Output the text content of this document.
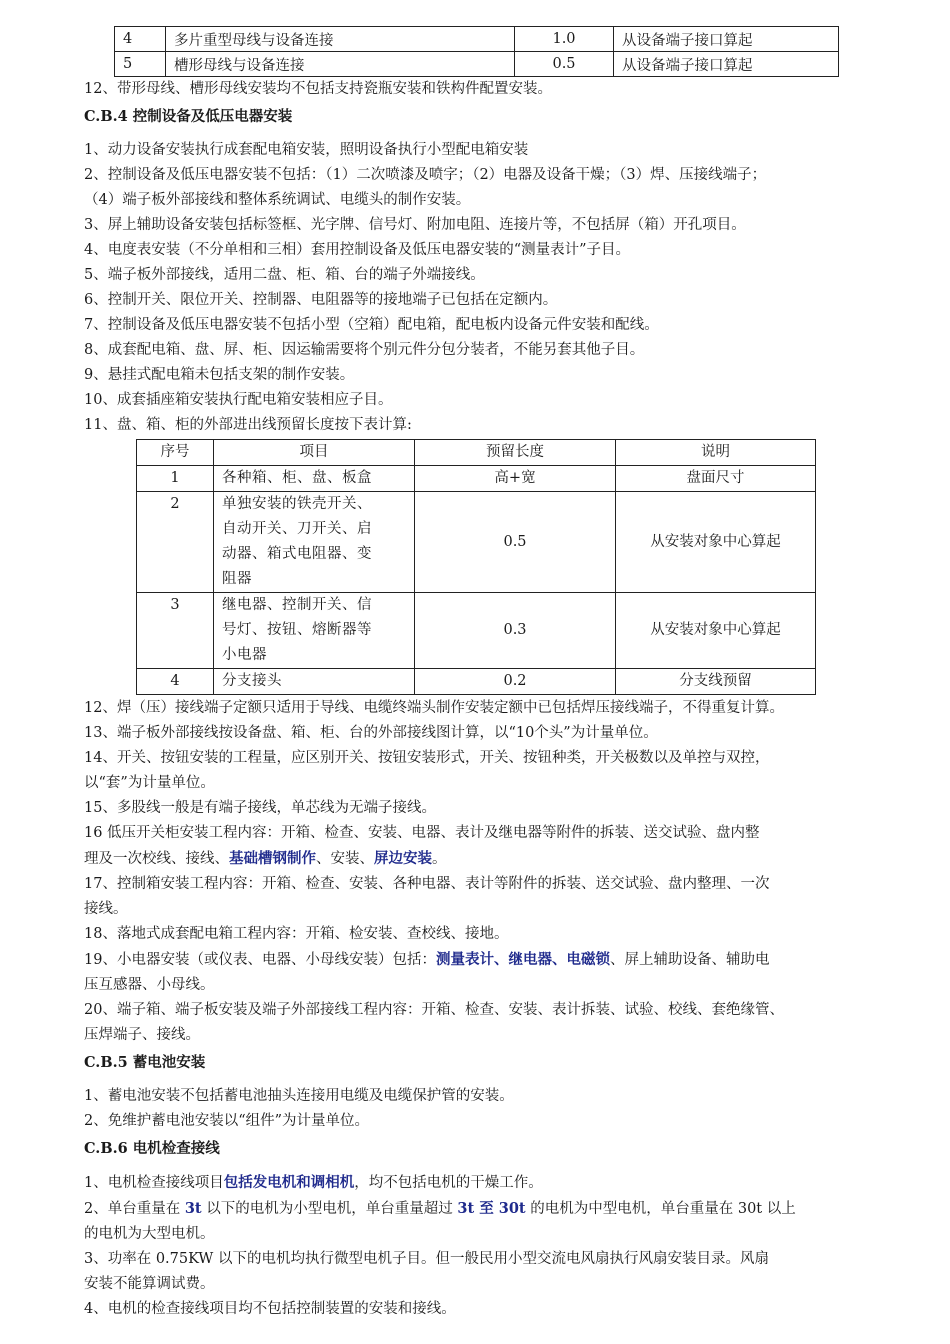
4	多片重型母线与设备连接	1.0	从设备端子接口算起
5	槽形母线与设备连接	0.5	从设备端子接口算起

12、带形母线、槽形母线安装均不包括支持瓷瓶安装和铁构件配置安装。

C.B.4 控制设备及低压电器安装

1、动力设备安装执行成套配电箱安装，照明设备执行小型配电箱安装

2、控制设备及低压电器安装不包括：（1）二次喷漆及喷字；（2）电器及设备干燥；（3）焊、压接线端子；

（4）端子板外部接线和整体系统调试、电缆头的制作安装。

3、屏上辅助设备安装包括标签框、光字牌、信号灯、附加电阻、连接片等，不包括屏（箱）开孔项目。

4、电度表安装（不分单相和三相）套用控制设备及低压电器安装的“测量表计”子目。

5、端子板外部接线，适用二盘、柜、箱、台的端子外端接线。

6、控制开关、限位开关、控制器、电阻器等的接地端子已包括在定额内。

7、控制设备及低压电器安装不包括小型（空箱）配电箱，配电板内设备元件安装和配线。

8、成套配电箱、盘、屏、柜、因运输需要将个别元件分包分装者，不能另套其他子目。

9、悬挂式配电箱未包括支架的制作安装。

10、成套插座箱安装执行配电箱安装相应子目。

11、盘、箱、柜的外部进出线预留长度按下表计算:

序号	项目	预留长度	说明
1	各种箱、柜、盘、板盒	高+宽	盘面尺寸
2	单独安装的铁壳开关、
自动开关、刀开关、启
动器、箱式电阻器、变
阻器	0.5	从安装对象中心算起
3	继电器、控制开关、信
号灯、按钮、熔断器等
小电器	0.3	从安装对象中心算起
4	分支接头	0.2	分支线预留

12、焊（压）接线端子定额只适用于导线、电缆终端头制作安装定额中已包括焊压接线端子，不得重复计算。

13、端子板外部接线按设备盘、箱、柜、台的外部接线图计算，以“10个头”为计量单位。

14、开关、按钮安装的工程量，应区别开关、按钮安装形式，开关、按钮种类，开关极数以及单控与双控，

以“套”为计量单位。

15、多股线一般是有端子接线，单芯线为无端子接线。

16 低压开关柜安装工程内容：开箱、检查、安装、电器、表计及继电器等附件的拆装、送交试验、盘内整

理及一次校线、接线、基础槽钢制作、安装、屏边安装。

17、控制箱安装工程内容：开箱、检查、安装、各种电器、表计等附件的拆装、送交试验、盘内整理、一次

接线。

18、落地式成套配电箱工程内容：开箱、检安装、查校线、接地。

19、小电器安装（或仪表、电器、小母线安装）包括：测量表计、继电器、电磁锁、屏上辅助设备、辅助电

压互感器、小母线。

20、端子箱、端子板安装及端子外部接线工程内容：开箱、检查、安装、表计拆装、试验、校线、套绝缘管、

压焊端子、接线。

C.B.5 蓄电池安装

1、蓄电池安装不包括蓄电池抽头连接用电缆及电缆保护管的安装。

2、免维护蓄电池安装以“组件”为计量单位。

C.B.6 电机检查接线

1、电机检查接线项目包括发电机和调相机，均不包括电机的干燥工作。

2、单台重量在 3t 以下的电机为小型电机，单台重量超过 3t 至 30t 的电机为中型电机，单台重量在 30t 以上

的电机为大型电机。

3、功率在 0.75KW 以下的电机均执行微型电机子目。但一般民用小型交流电风扇执行风扇安装目录。风扇

安装不能算调试费。

4、电机的检查接线项目均不包括控制装置的安装和接线。
